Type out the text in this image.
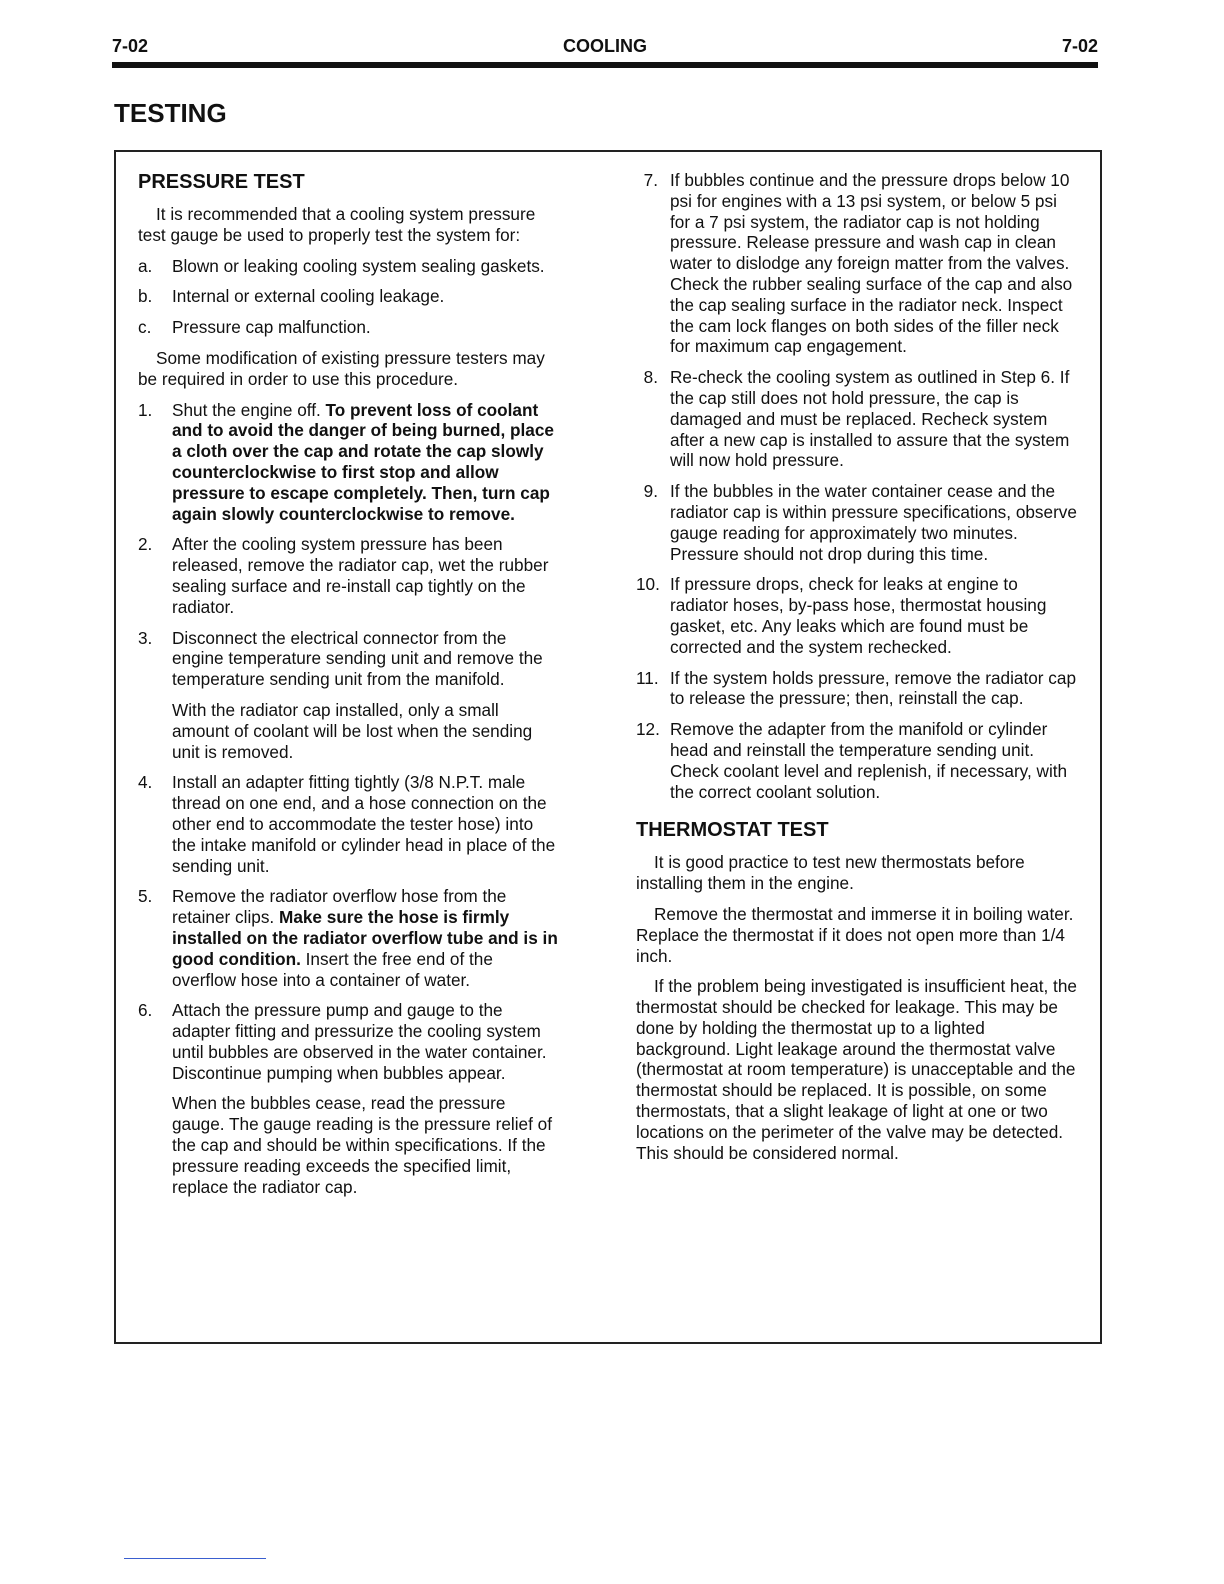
7-02	COOLING	7-02
TESTING
PRESSURE TEST

It is recommended that a cooling system pressure test gauge be used to properly test the system for:

a. Blown or leaking cooling system sealing gaskets.

b. Internal or external cooling leakage.

c. Pressure cap malfunction.

Some modification of existing pressure testers may be required in order to use this procedure.

1. Shut the engine off. To prevent loss of coolant and to avoid the danger of being burned, place a cloth over the cap and rotate the cap slowly counterclockwise to first stop and allow pressure to escape completely. Then, turn cap again slowly counterclockwise to remove.

2. After the cooling system pressure has been released, remove the radiator cap, wet the rubber sealing surface and re-install cap tightly on the radiator.

3. Disconnect the electrical connector from the engine temperature sending unit and remove the temperature sending unit from the manifold.

With the radiator cap installed, only a small amount of coolant will be lost when the sending unit is removed.

4. Install an adapter fitting tightly (3/8 N.P.T. male thread on one end, and a hose connection on the other end to accommodate the tester hose) into the intake manifold or cylinder head in place of the sending unit.

5. Remove the radiator overflow hose from the retainer clips. Make sure the hose is firmly installed on the radiator overflow tube and is in good condition. Insert the free end of the overflow hose into a container of water.

6. Attach the pressure pump and gauge to the adapter fitting and pressurize the cooling system until bubbles are observed in the water container. Discontinue pumping when bubbles appear.

When the bubbles cease, read the pressure gauge. The gauge reading is the pressure relief of the cap and should be within specifications. If the pressure reading exceeds the specified limit, replace the radiator cap.

7. If bubbles continue and the pressure drops below 10 psi for engines with a 13 psi system, or below 5 psi for a 7 psi system, the radiator cap is not holding pressure. Release pressure and wash cap in clean water to dislodge any foreign matter from the valves. Check the rubber sealing surface of the cap and also the cap sealing surface in the radiator neck. Inspect the cam lock flanges on both sides of the filler neck for maximum cap engagement.

8. Re-check the cooling system as outlined in Step 6. If the cap still does not hold pressure, the cap is damaged and must be replaced. Recheck system after a new cap is installed to assure that the system will now hold pressure.

9. If the bubbles in the water container cease and the radiator cap is within pressure specifications, observe gauge reading for approximately two minutes. Pressure should not drop during this time.

10. If pressure drops, check for leaks at engine to radiator hoses, by-pass hose, thermostat housing gasket, etc. Any leaks which are found must be corrected and the system rechecked.

11. If the system holds pressure, remove the radiator cap to release the pressure; then, reinstall the cap.

12. Remove the adapter from the manifold or cylinder head and reinstall the temperature sending unit. Check coolant level and replenish, if necessary, with the correct coolant solution.

THERMOSTAT TEST

It is good practice to test new thermostats before installing them in the engine.

Remove the thermostat and immerse it in boiling water. Replace the thermostat if it does not open more than 1/4 inch.

If the problem being investigated is insufficient heat, the thermostat should be checked for leakage. This may be done by holding the thermostat up to a lighted background. Light leakage around the thermostat valve (thermostat at room temperature) is unacceptable and the thermostat should be replaced. It is possible, on some thermostats, that a slight leakage of light at one or two locations on the perimeter of the valve may be detected. This should be considered normal.
